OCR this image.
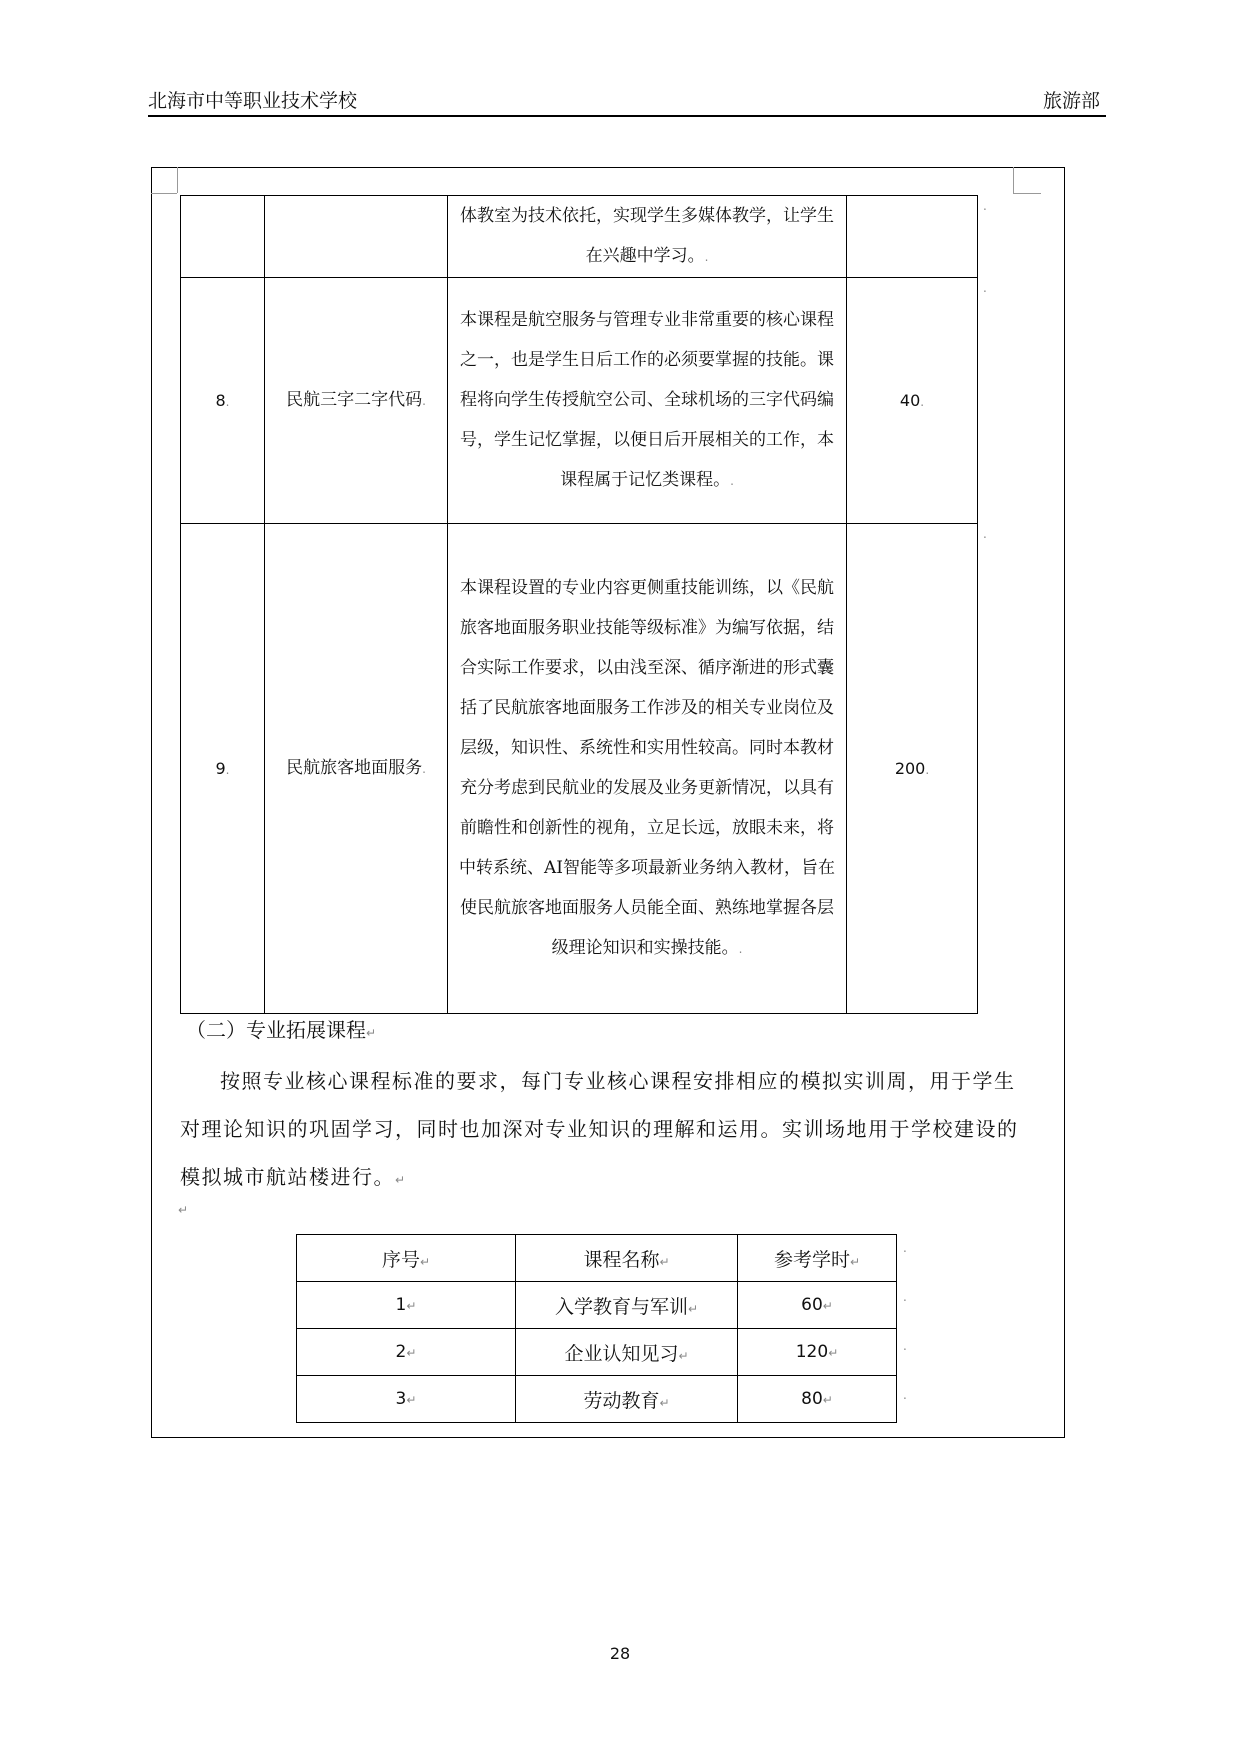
北海市中等职业技术学校	旅游部
		体教室为技术依托，实现学生多媒体教学，让学生在兴趣中学习。.	
8.	民航三字二字代码.	本课程是航空服务与管理专业非常重要的核心课程之一，也是学生日后工作的必须要掌握的技能。课程将向学生传授航空公司、全球机场的三字代码编号，学生记忆掌握，以便日后开展相关的工作，本课程属于记忆类课程。.	40.
9.	民航旅客地面服务.	本课程设置的专业内容更侧重技能训练，以《民航旅客地面服务职业技能等级标准》为编写依据，结合实际工作要求，以由浅至深、循序渐进的形式囊括了民航旅客地面服务工作涉及的相关专业岗位及层级，知识性、系统性和实用性较高。同时本教材充分考虑到民航业的发展及业务更新情况，以具有前瞻性和创新性的视角，立足长远，放眼未来，将中转系统、AI智能等多项最新业务纳入教材，旨在使民航旅客地面服务人员能全面、熟练地掌握各层级理论知识和实操技能。.	200.
.
.
.
（二）专业拓展课程↵
按照专业核心课程标准的要求，每门专业核心课程安排相应的模拟实训周，用于学生对理论知识的巩固学习，同时也加深对专业知识的理解和运用。实训场地用于学校建设的模拟城市航站楼进行。↵
↵
序号↵	课程名称↵	参考学时↵
1↵	入学教育与军训↵	60↵
2↵	企业认知见习↵	120↵
3↵	劳动教育↵	80↵
.
.
.
.
28
